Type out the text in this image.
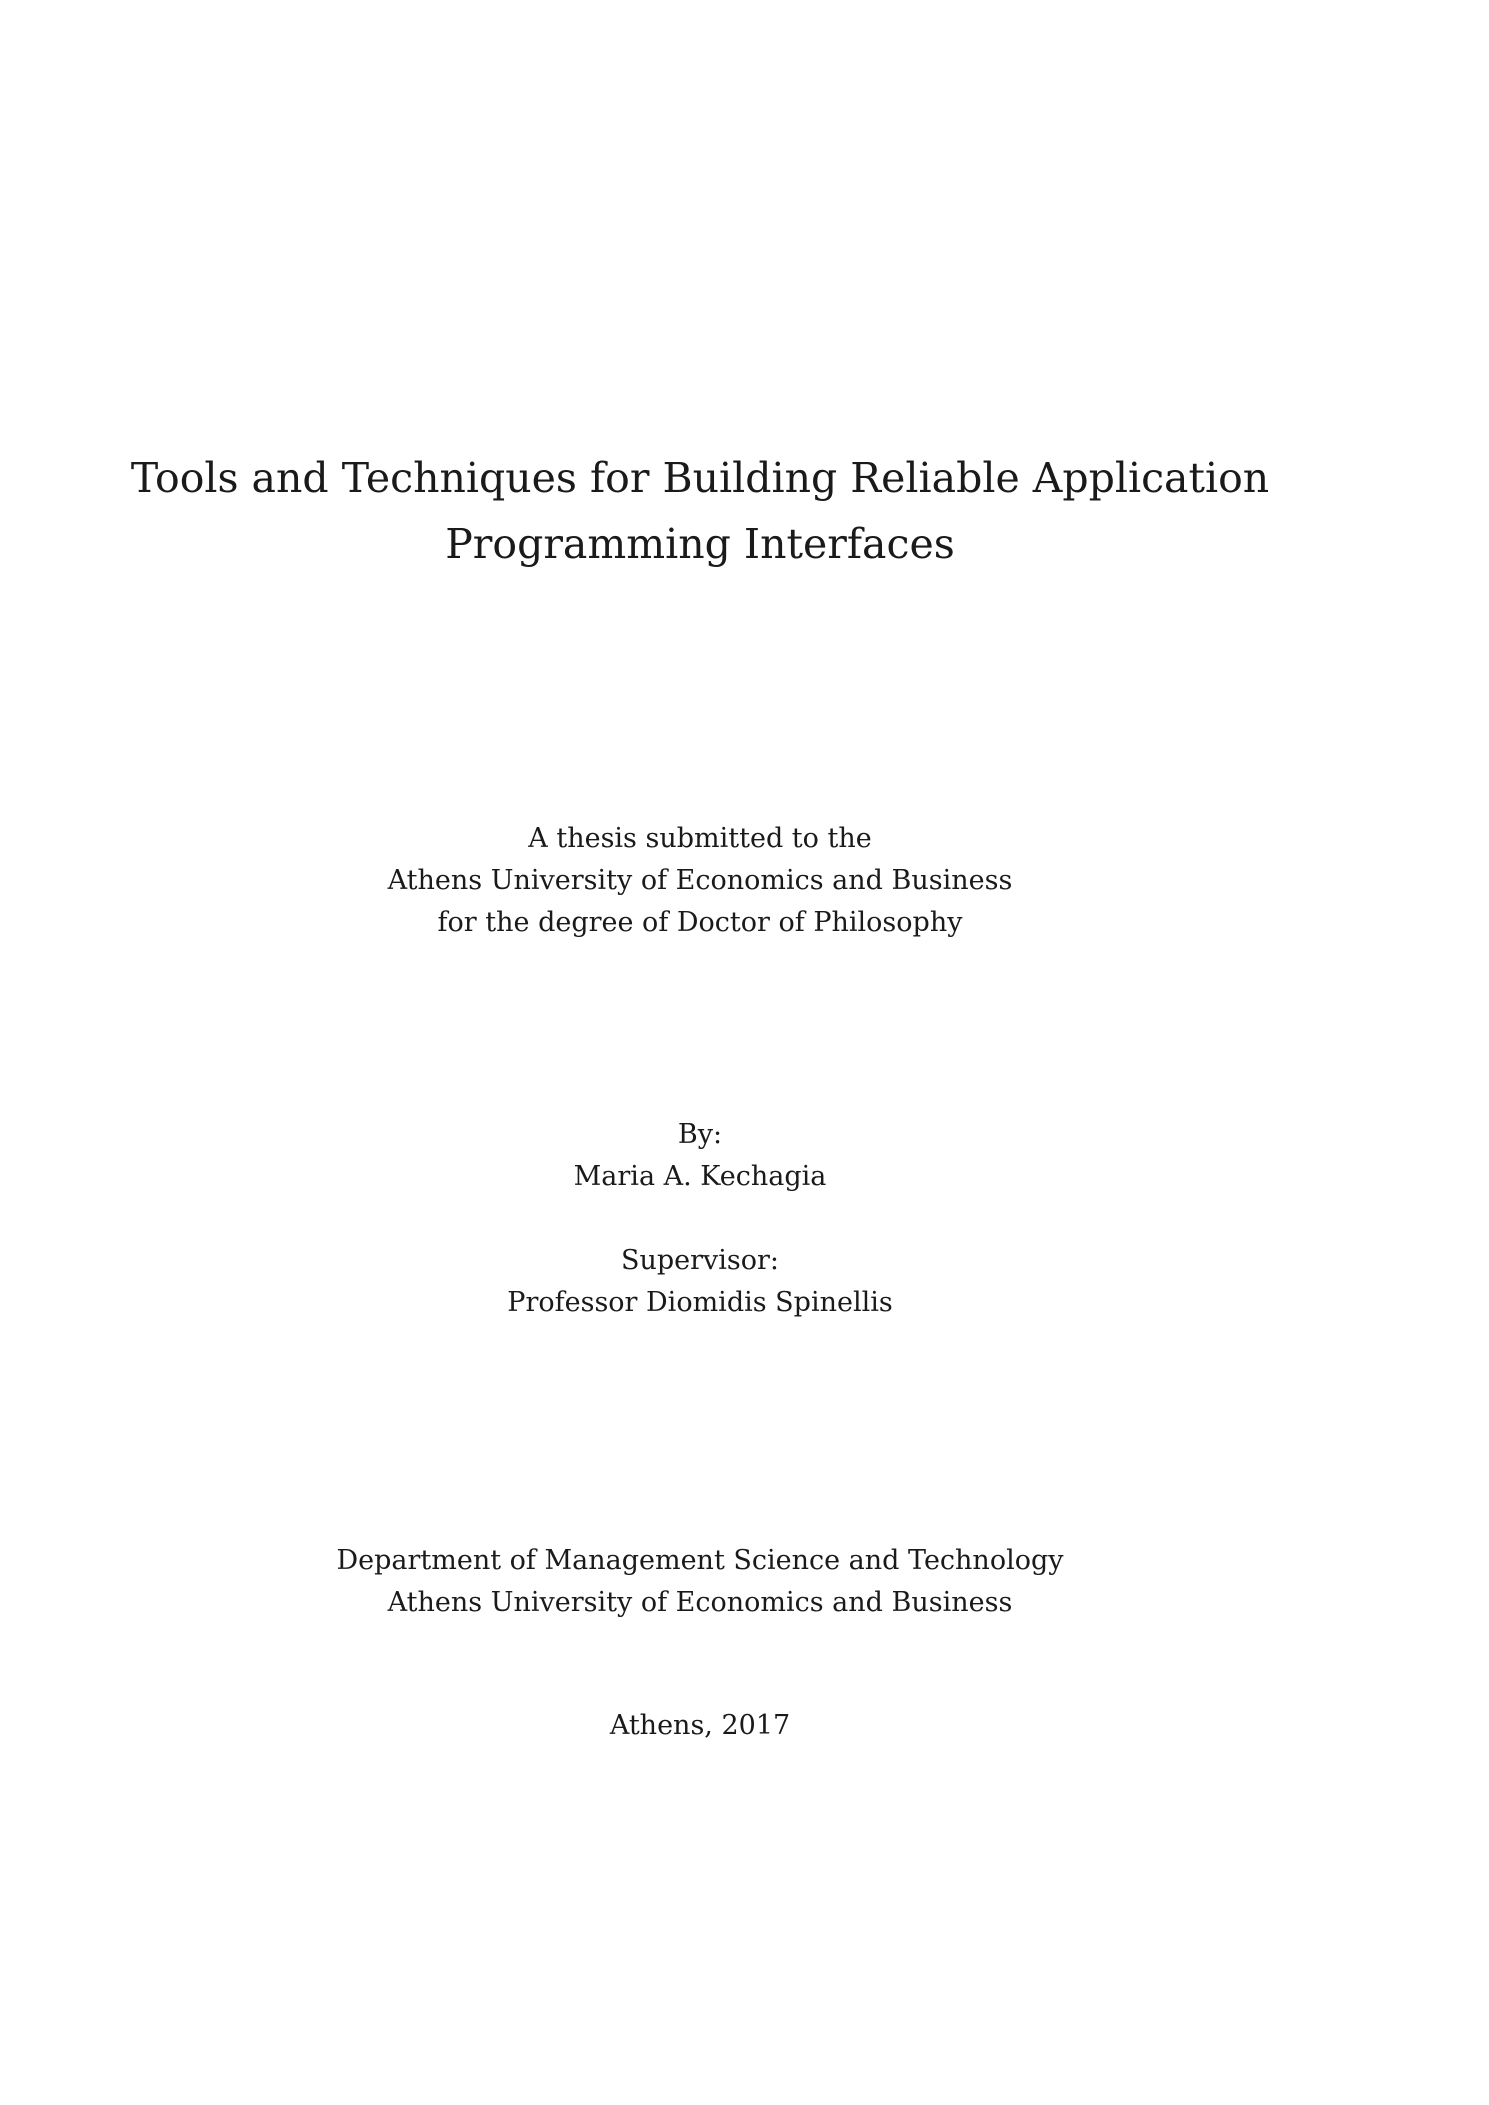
Tools and Techniques for Building Reliable Application
Programming Interfaces
A thesis submitted to the
Athens University of Economics and Business
for the degree of Doctor of Philosophy
By:
Maria A. Kechagia
Supervisor:
Professor Diomidis Spinellis
Department of Management Science and Technology
Athens University of Economics and Business
Athens, 2017
